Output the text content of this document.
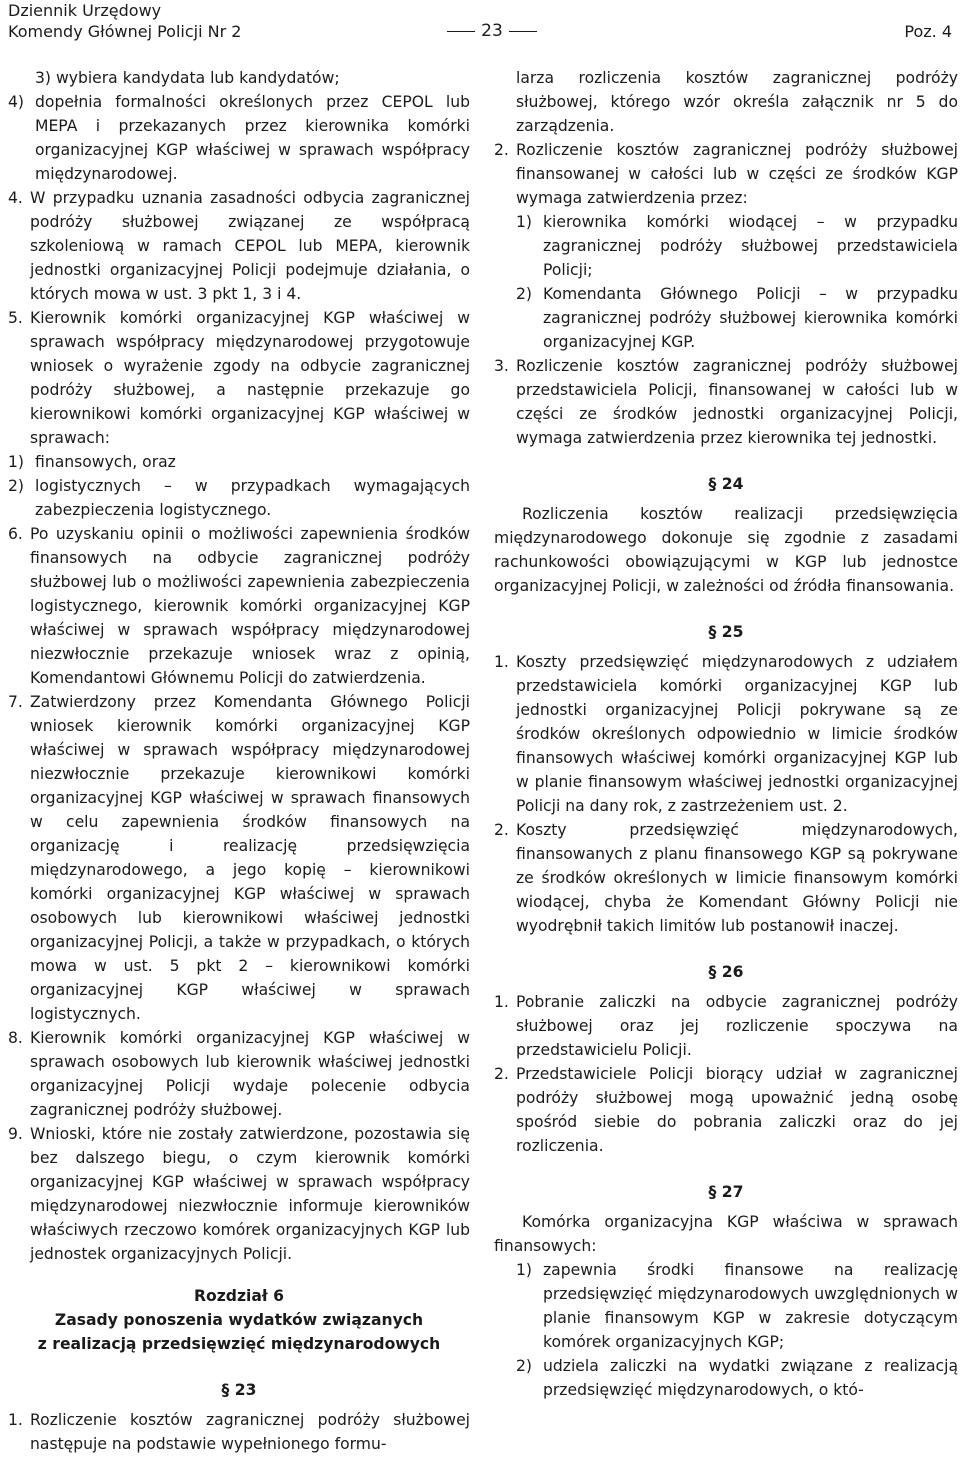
Dziennik Urzędowy
Komendy Głównej Policji Nr 2	23	Poz. 4

3) wybiera kandydata lub kandydatów;

4) dopełnia formalności określonych przez CEPOL lub MEPA i przekazanych przez kierownika komórki organizacyjnej KGP właściwej w sprawach współpracy międzynarodowej.

4. W przypadku uznania zasadności odbycia zagranicznej podróży służbowej związanej ze współpracą szkoleniową w ramach CEPOL lub MEPA, kierownik jednostki organizacyjnej Policji podejmuje działania, o których mowa w ust. 3 pkt 1, 3 i 4.

5. Kierownik komórki organizacyjnej KGP właściwej w sprawach współpracy międzynarodowej przygotowuje wniosek o wyrażenie zgody na odbycie zagranicznej podróży służbowej, a następnie przekazuje go kierownikowi komórki organizacyjnej KGP właściwej w sprawach:

1) finansowych, oraz

2) logistycznych – w przypadkach wymagających zabezpieczenia logistycznego.

6. Po uzyskaniu opinii o możliwości zapewnienia środków finansowych na odbycie zagranicznej podróży służbowej lub o możliwości zapewnienia zabezpieczenia logistycznego, kierownik komórki organizacyjnej KGP właściwej w sprawach współpracy międzynarodowej niezwłocznie przekazuje wniosek wraz z opinią, Komendantowi Głównemu Policji do zatwierdzenia.

7. Zatwierdzony przez Komendanta Głównego Policji wniosek kierownik komórki organizacyjnej KGP właściwej w sprawach współpracy międzynarodowej niezwłocznie przekazuje kierownikowi komórki organizacyjnej KGP właściwej w sprawach finansowych w celu zapewnienia środków finansowych na organizację i realizację przedsięwzięcia międzynarodowego, a jego kopię – kierownikowi komórki organizacyjnej KGP właściwej w sprawach osobowych lub kierownikowi właściwej jednostki organizacyjnej Policji, a także w przypadkach, o których mowa w ust. 5 pkt 2 – kierownikowi komórki organizacyjnej KGP właściwej w sprawach logistycznych.

8. Kierownik komórki organizacyjnej KGP właściwej w sprawach osobowych lub kierownik właściwej jednostki organizacyjnej Policji wydaje polecenie odbycia zagranicznej podróży służbowej.

9. Wnioski, które nie zostały zatwierdzone, pozostawia się bez dalszego biegu, o czym kierownik komórki organizacyjnej KGP właściwej w sprawach współpracy międzynarodowej niezwłocznie informuje kierowników właściwych rzeczowo komórek organizacyjnych KGP lub jednostek organizacyjnych Policji.

Rozdział 6
Zasady ponoszenia wydatków związanych
z realizacją przedsięwzięć międzynarodowych
§ 23

1. Rozliczenie kosztów zagranicznej podróży służbowej następuje na podstawie wypełnionego formu-

larza rozliczenia kosztów zagranicznej podróży służbowej, którego wzór określa załącznik nr 5 do zarządzenia.

2. Rozliczenie kosztów zagranicznej podróży służbowej finansowanej w całości lub w części ze środków KGP wymaga zatwierdzenia przez:

1) kierownika komórki wiodącej – w przypadku zagranicznej podróży służbowej przedstawiciela Policji;

2) Komendanta Głównego Policji – w przypadku zagranicznej podróży służbowej kierownika komórki organizacyjnej KGP.

3. Rozliczenie kosztów zagranicznej podróży służbowej przedstawiciela Policji, finansowanej w całości lub w części ze środków jednostki organizacyjnej Policji, wymaga zatwierdzenia przez kierownika tej jednostki.

§ 24

Rozliczenia kosztów realizacji przedsięwzięcia międzynarodowego dokonuje się zgodnie z zasadami rachunkowości obowiązującymi w KGP lub jednostce organizacyjnej Policji, w zależności od źródła finansowania.

§ 25

1. Koszty przedsięwzięć międzynarodowych z udziałem przedstawiciela komórki organizacyjnej KGP lub jednostki organizacyjnej Policji pokrywane są ze środków określonych odpowiednio w limicie środków finansowych właściwej komórki organizacyjnej KGP lub w planie finansowym właściwej jednostki organizacyjnej Policji na dany rok, z zastrzeżeniem ust. 2.

2. Koszty przedsięwzięć międzynarodowych, finansowanych z planu finansowego KGP są pokrywane ze środków określonych w limicie finansowym komórki wiodącej, chyba że Komendant Główny Policji nie wyodrębnił takich limitów lub postanowił inaczej.

§ 26

1. Pobranie zaliczki na odbycie zagranicznej podróży służbowej oraz jej rozliczenie spoczywa na przedstawicielu Policji.

2. Przedstawiciele Policji biorący udział w zagranicznej podróży służbowej mogą upoważnić jedną osobę spośród siebie do pobrania zaliczki oraz do jej rozliczenia.

§ 27

Komórka organizacyjna KGP właściwa w sprawach finansowych:

1) zapewnia środki finansowe na realizację przedsięwzięć międzynarodowych uwzględnionych w planie finansowym KGP w zakresie dotyczącym komórek organizacyjnych KGP;

2) udziela zaliczki na wydatki związane z realizacją przedsięwzięć międzynarodowych, o któ-
